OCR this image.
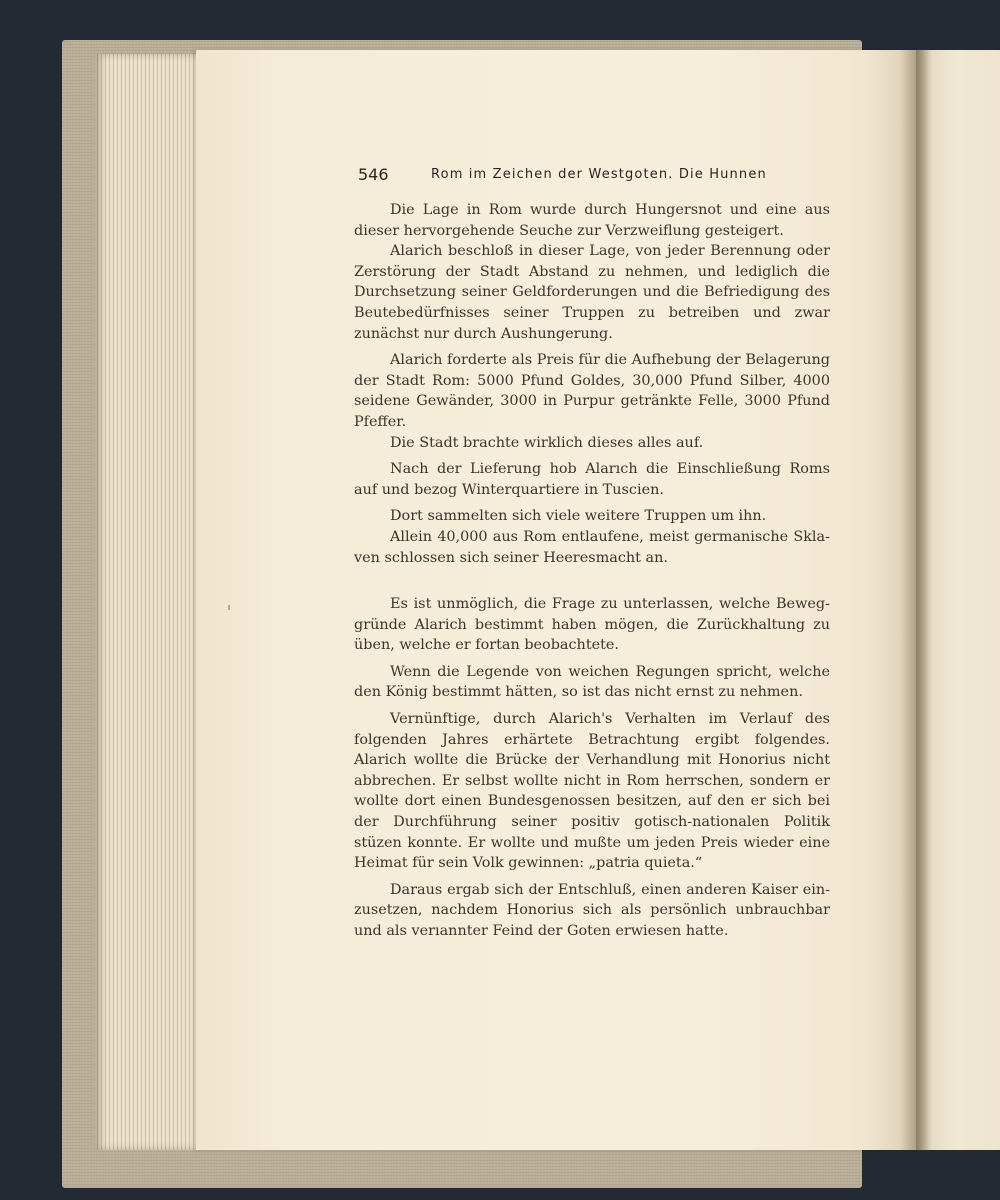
546	Rom im Zeichen der Westgoten. Die Hunnen

Die Lage in Rom wurde durch Hungersnot und eine aus dieser hervorgehende Seuche zur Verzweiflung gesteigert.

Alarich beschloß in dieser Lage, von jeder Berennung oder Zerstörung der Stadt Abstand zu nehmen, und lediglich die Durchsetzung seiner Geldforderungen und die Befriedigung des Beutebedürfnisses seiner Truppen zu betreiben und zwar zunächst nur durch Aushungerung.

Alarich forderte als Preis für die Aufhebung der Belagerung der Stadt Rom: 5000 Pfund Goldes, 30,000 Pfund Silber, 4000 seidene Gewänder, 3000 in Purpur getränkte Felle, 3000 Pfund Pfeffer.

Die Stadt brachte wirklich dieses alles auf.

Nach der Lieferung hob Alarıch die Einschließung Roms auf und bezog Winterquartiere in Tuscien.

Dort sammelten sich viele weitere Truppen um ihn.

Allein 40,000 aus Rom entlaufene, meist germanische Sklaven schlossen sich seiner Heeresmacht an.

Es ist unmöglich, die Frage zu unterlassen, welche Beweggründe Alarich bestimmt haben mögen, die Zurückhaltung zu üben, welche er fortan beobachtete.

Wenn die Legende von weichen Regungen spricht, welche den König bestimmt hätten, so ist das nicht ernst zu nehmen.

Vernünftige, durch Alarich's Verhalten im Verlauf des folgenden Jahres erhärtete Betrachtung ergibt folgendes. Alarich wollte die Brücke der Verhandlung mit Honorius nicht abbrechen. Er selbst wollte nicht in Rom herrschen, sondern er wollte dort einen Bundesgenossen besitzen, auf den er sich bei der Durchführung seiner positiv gotisch-nationalen Politik stüzen konnte. Er wollte und mußte um jeden Preis wieder eine Heimat für sein Volk gewinnen: „patria quieta.“

Daraus ergab sich der Entschluß, einen anderen Kaiser einzusetzen, nachdem Honorius sich als persönlich unbrauchbar und als verıannter Feind der Goten erwiesen hatte.
